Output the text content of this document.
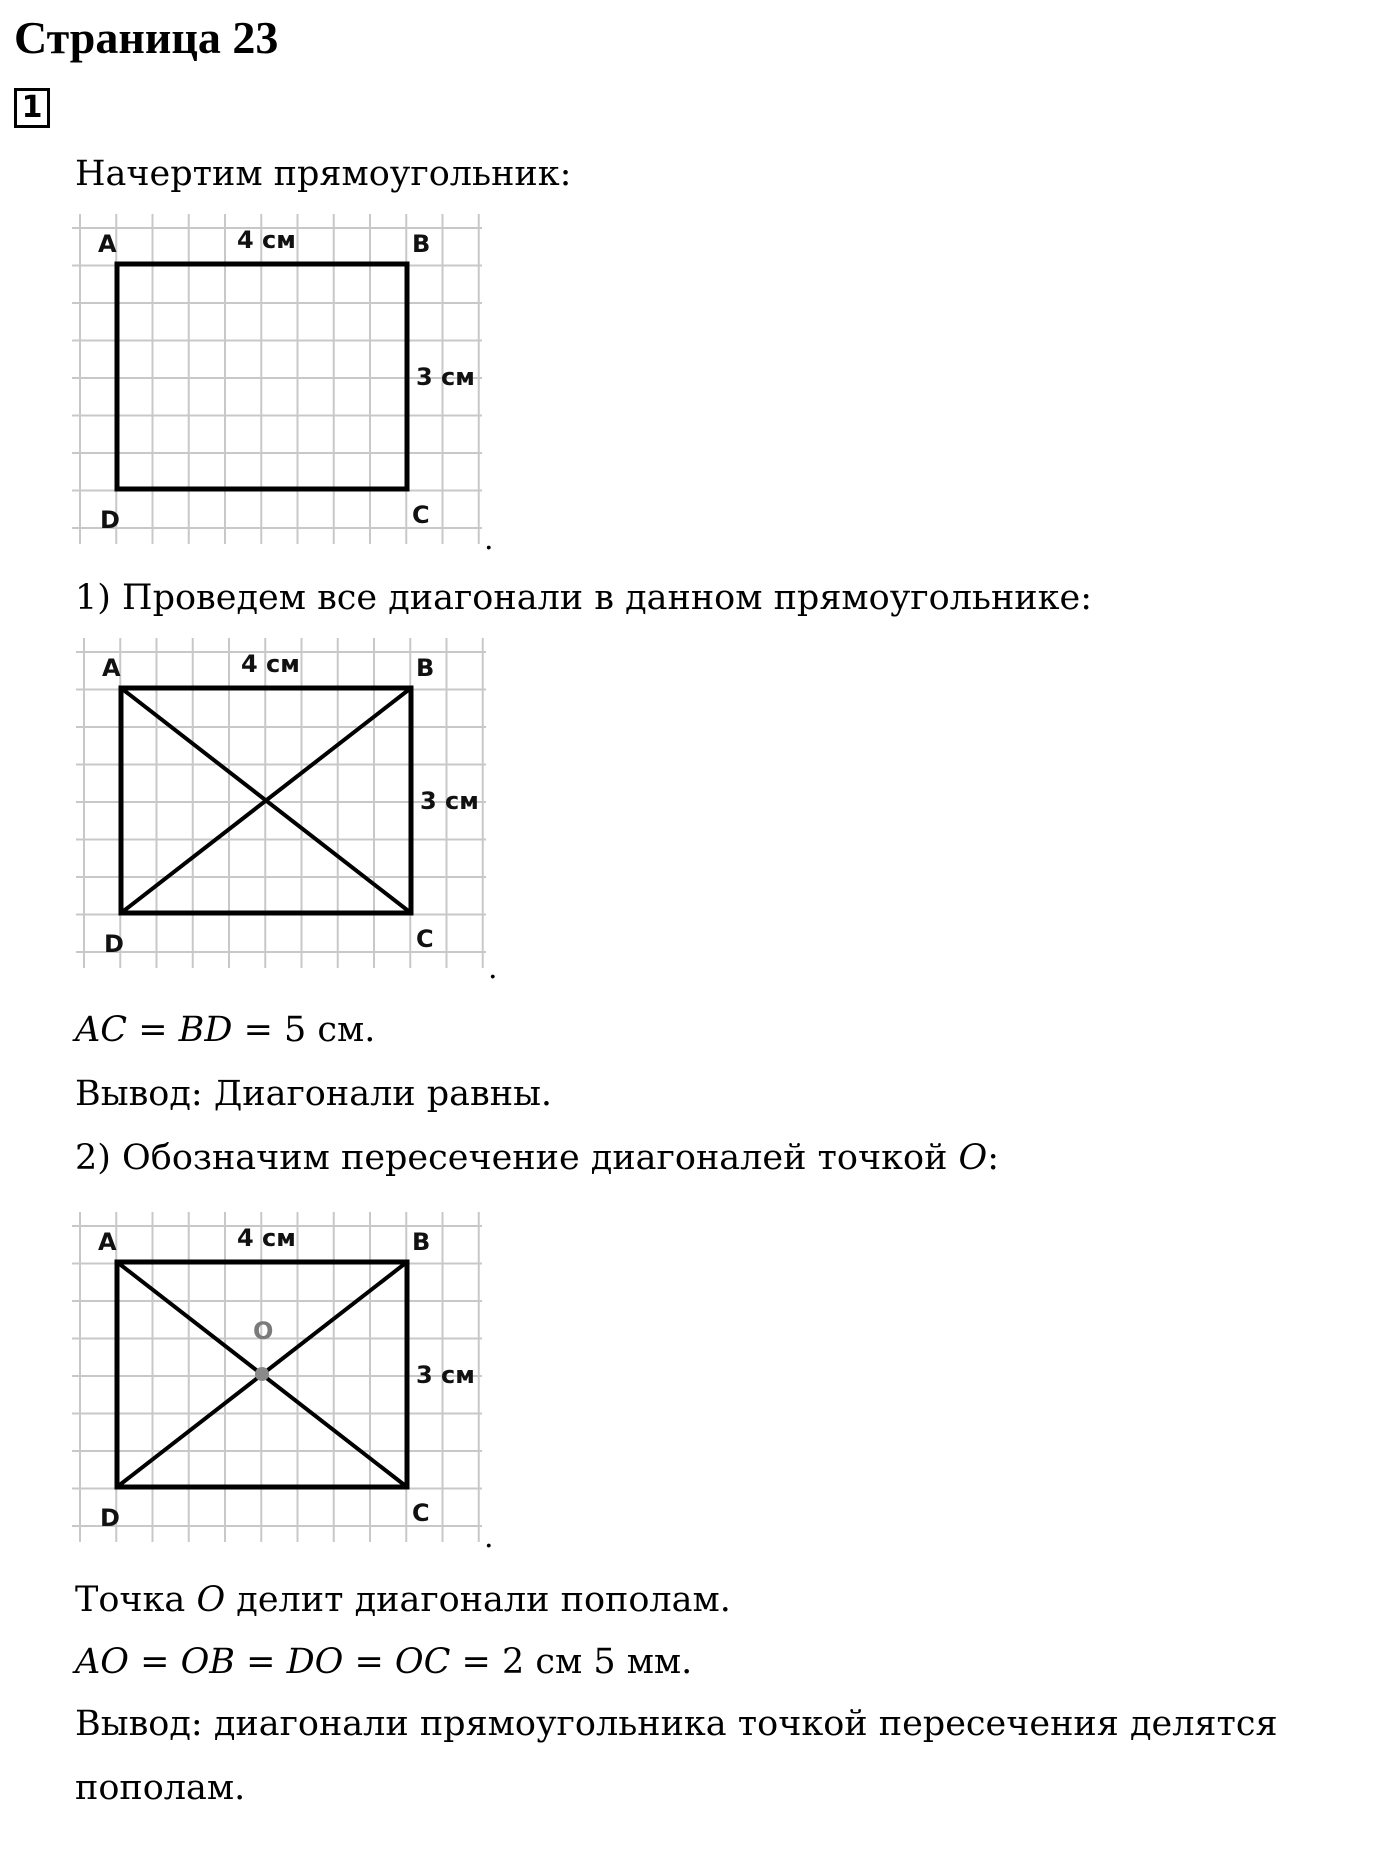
Страница 23
1
Начертим прямоугольник:
A	B
C
D
4 см
3 см
.
1) Проведем все диагонали в данном прямоугольнике:
A	B
C
D
4 см
3 см
.
AC = BD = 5 см.
Вывод: Диагонали равны.
2) Обозначим пересечение диагоналей точкой O:
O
A	B
C
D
4 см
3 см
.
Точка O делит диагонали пополам.
AO = OB = DO = OC = 2 см 5 мм.
Вывод: диагонали прямоугольника точкой пересечения делятся
пополам.
